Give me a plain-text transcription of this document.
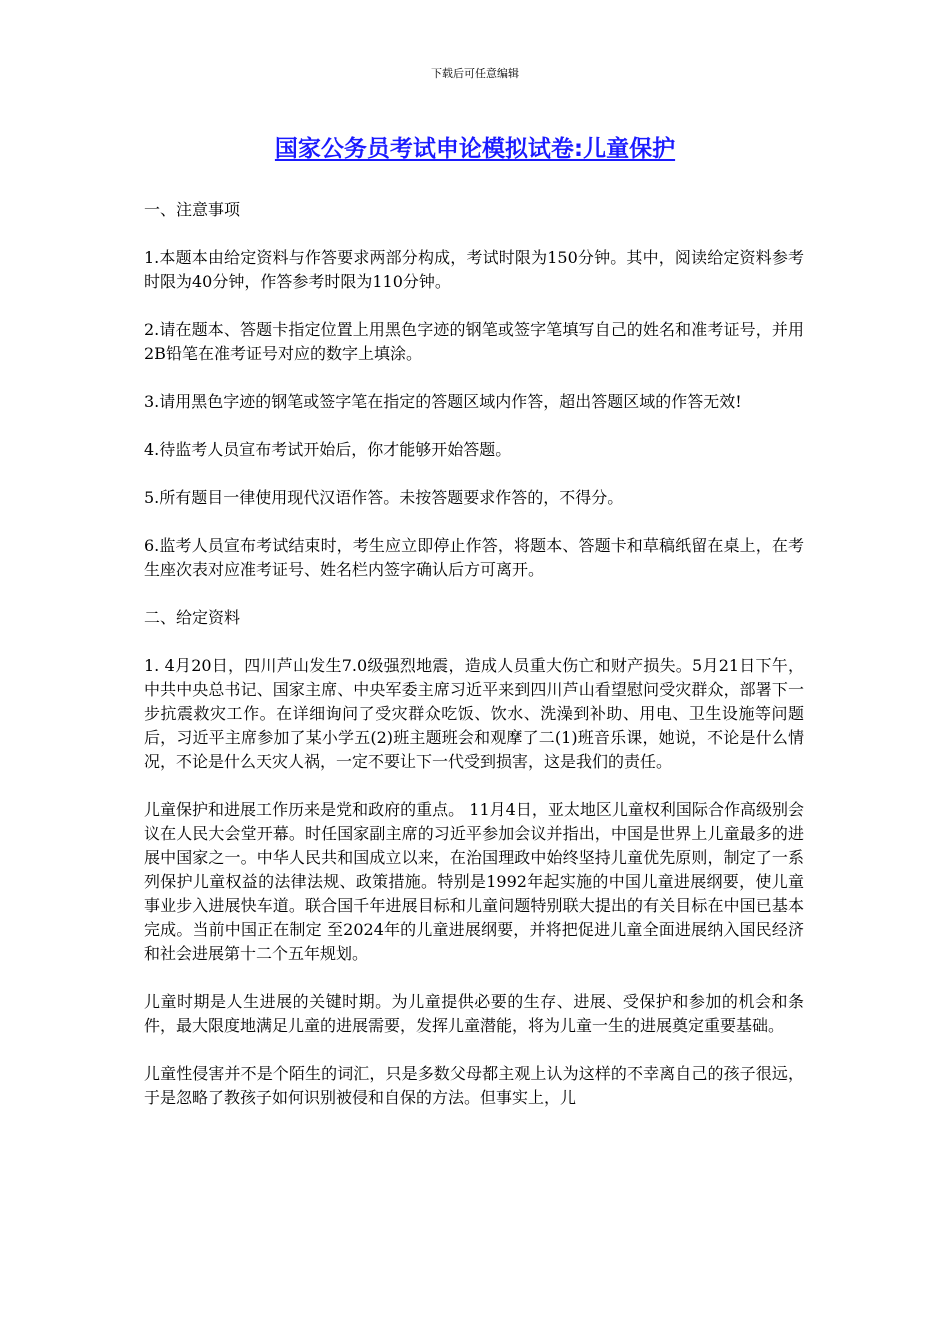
下载后可任意编辑
国家公务员考试申论模拟试卷:儿童保护

一、注意事项

1.本题本由给定资料与作答要求两部分构成，考试时限为150分钟。其中，阅读给定资料参考时限为40分钟，作答参考时限为110分钟。

2.请在题本、答题卡指定位置上用黑色字迹的钢笔或签字笔填写自己的姓名和准考证号，并用2B铅笔在准考证号对应的数字上填涂。

3.请用黑色字迹的钢笔或签字笔在指定的答题区域内作答，超出答题区域的作答无效!

4.待监考人员宣布考试开始后，你才能够开始答题。

5.所有题目一律使用现代汉语作答。未按答题要求作答的，不得分。

6.监考人员宣布考试结束时，考生应立即停止作答，将题本、答题卡和草稿纸留在桌上，在考生座次表对应准考证号、姓名栏内签字确认后方可离开。

二、给定资料

1. 4月20日，四川芦山发生7.0级强烈地震，造成人员重大伤亡和财产损失。5月21日下午，中共中央总书记、国家主席、中央军委主席习近平来到四川芦山看望慰问受灾群众，部署下一步抗震救灾工作。在详细询问了受灾群众吃饭、饮水、洗澡到补助、用电、卫生设施等问题后，习近平主席参加了某小学五(2)班主题班会和观摩了二(1)班音乐课，她说，不论是什么情况，不论是什么天灾人祸，一定不要让下一代受到损害，这是我们的责任。

儿童保护和进展工作历来是党和政府的重点。 11月4日，亚太地区儿童权利国际合作高级别会议在人民大会堂开幕。时任国家副主席的习近平参加会议并指出，中国是世界上儿童最多的进展中国家之一。中华人民共和国成立以来，在治国理政中始终坚持儿童优先原则，制定了一系列保护儿童权益的法律法规、政策措施。特别是1992年起实施的中国儿童进展纲要，使儿童事业步入进展快车道。联合国千年进展目标和儿童问题特别联大提出的有关目标在中国已基本完成。当前中国正在制定 至2024年的儿童进展纲要，并将把促进儿童全面进展纳入国民经济和社会进展第十二个五年规划。

儿童时期是人生进展的关键时期。为儿童提供必要的生存、进展、受保护和参加的机会和条件，最大限度地满足儿童的进展需要，发挥儿童潜能，将为儿童一生的进展奠定重要基础。

儿童性侵害并不是个陌生的词汇，只是多数父母都主观上认为这样的不幸离自己的孩子很远，于是忽略了教孩子如何识别被侵和自保的方法。但事实上，儿
